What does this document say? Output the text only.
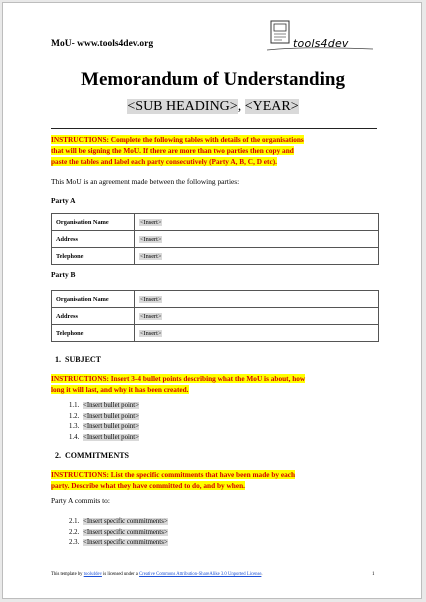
MoU- www.tools4dev.org	tools4dev
Memorandum of Understanding
<SUB HEADING>, <YEAR>
INSTRUCTIONS: Complete the following tables with details of the organisations
that will be signing the MoU. If there are more than two parties then copy and
paste the tables and label each party consecutively (Party A, B, C, D etc).
This MoU is an agreement made between the following parties:
Party A
Organisation Name	<Insert>
Address	<Insert>
Telephone	<Insert>
Party B
Organisation Name	<Insert>
Address	<Insert>
Telephone	<Insert>
1. SUBJECT
INSTRUCTIONS: Insert 3-4 bullet points describing what the MoU is about, how
long it will last, and why it has been created.
1.1. <Insert bullet point>
1.2. <Insert bullet point>
1.3. <Insert bullet point>
1.4. <Insert bullet point>
2. COMMITMENTS
INSTRUCTIONS: List the specific commitments that have been made by each
party. Describe what they have committed to do, and by when.
Party A commits to:
2.1. <Insert specific commitments>
2.2. <Insert specific commitments>
2.3. <Insert specific commitments>
This template by tools4dev is licensed under a Creative Commons Attribution-ShareAlike 3.0 Unported License.	1
